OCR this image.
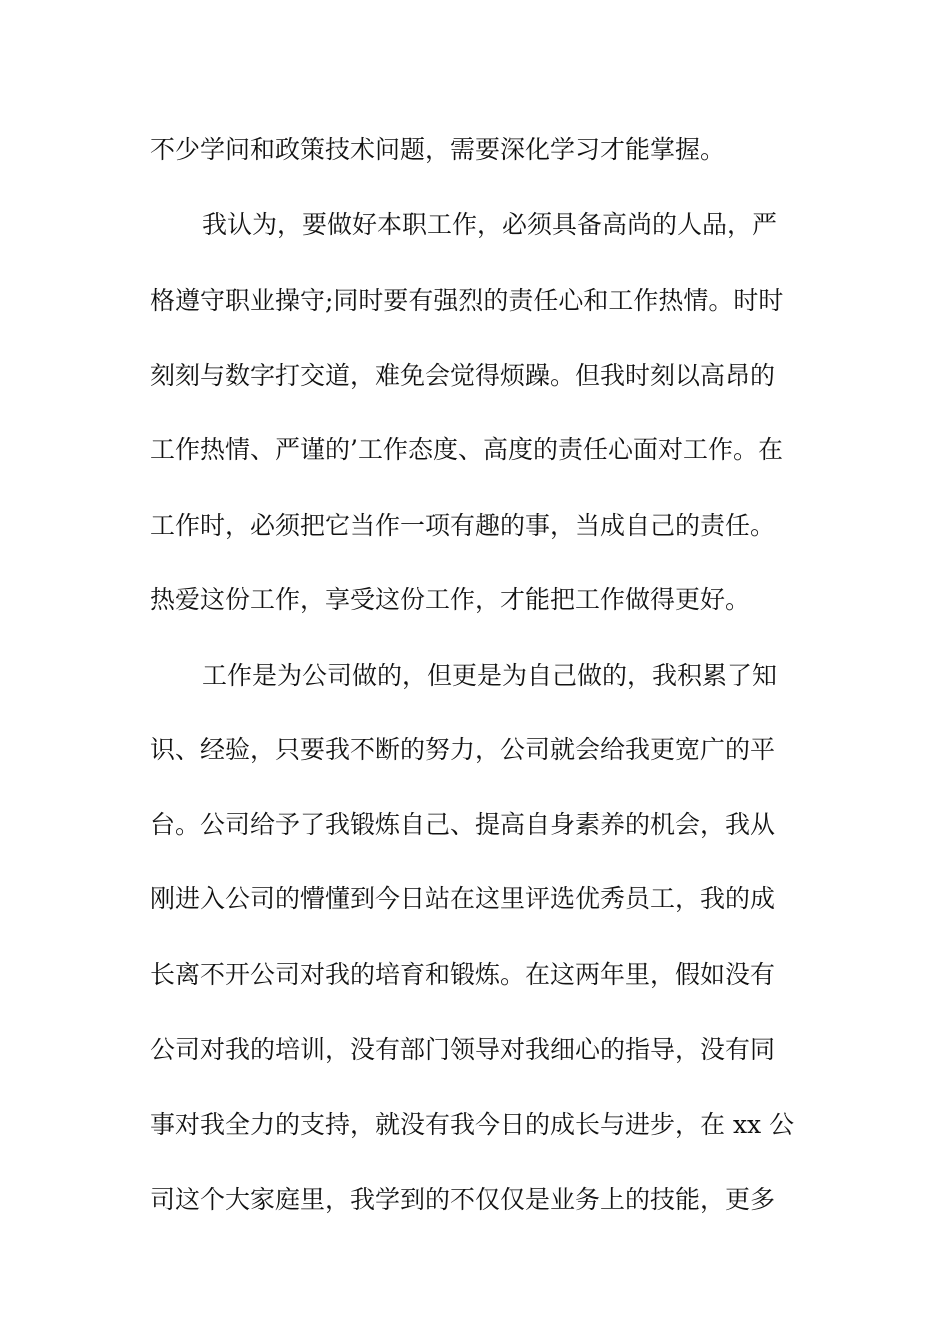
不少学问和政策技术问题，需要深化学习才能掌握。
我认为，要做好本职工作，必须具备高尚的人品，严
格遵守职业操守;同时要有强烈的责任心和工作热情。时时
刻刻与数字打交道，难免会觉得烦躁。但我时刻以高昂的
工作热情、严谨的’工作态度、高度的责任心面对工作。在
工作时，必须把它当作一项有趣的事，当成自己的责任。
热爱这份工作，享受这份工作，才能把工作做得更好。
工作是为公司做的，但更是为自己做的，我积累了知
识、经验，只要我不断的努力，公司就会给我更宽广的平
台。公司给予了我锻炼自己、提高自身素养的机会，我从
刚进入公司的懵懂到今日站在这里评选优秀员工，我的成
长离不开公司对我的培育和锻炼。在这两年里，假如没有
公司对我的培训，没有部门领导对我细心的指导，没有同
事对我全力的支持，就没有我今日的成长与进步，在 xx 公
司这个大家庭里，我学到的不仅仅是业务上的技能，更多
